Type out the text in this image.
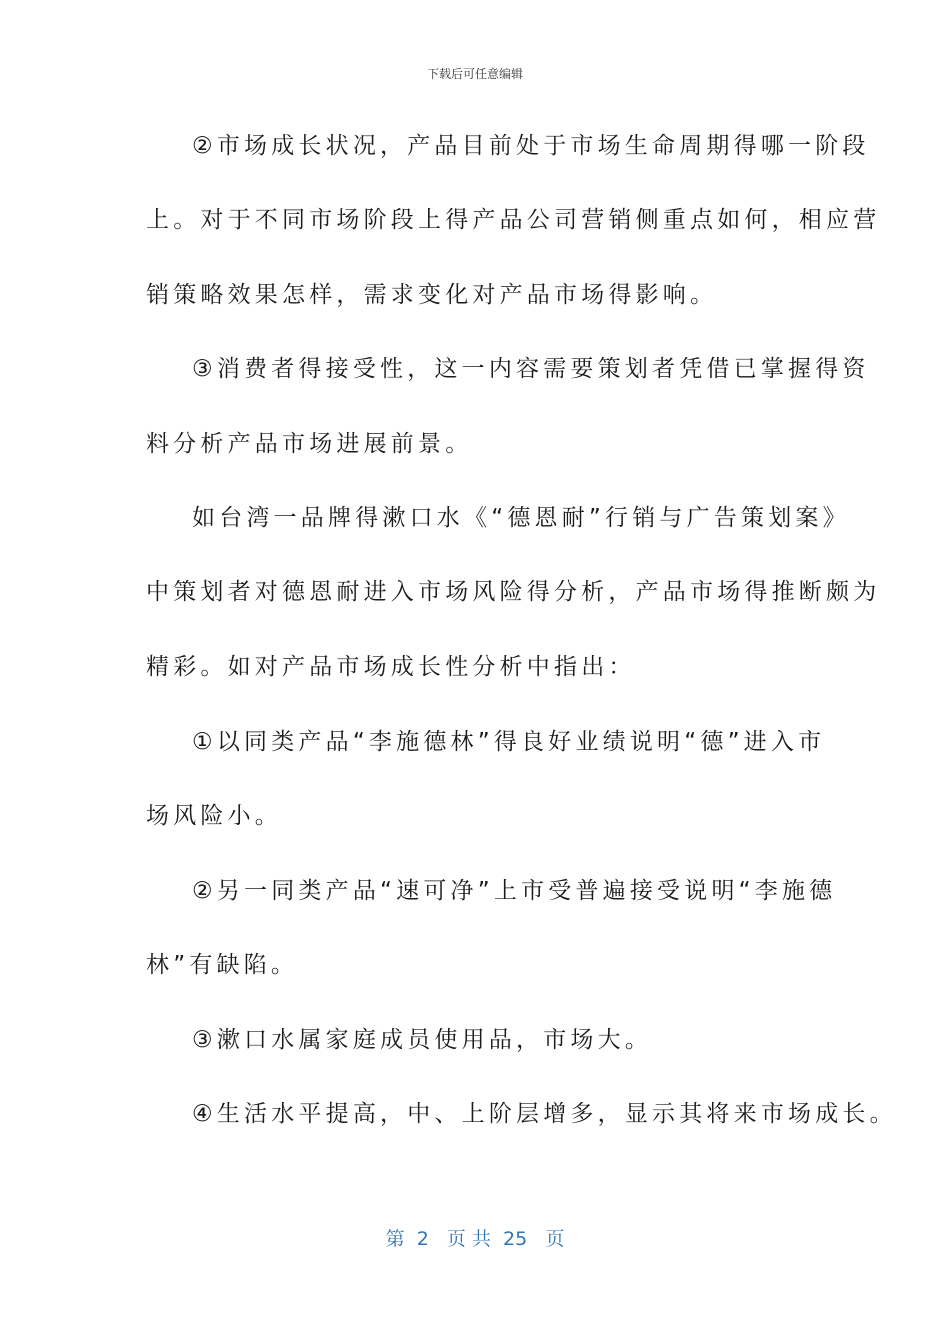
下载后可任意编辑
②市场成长状况，产品目前处于市场生命周期得哪一阶段
上。对于不同市场阶段上得产品公司营销侧重点如何，相应营
销策略效果怎样，需求变化对产品市场得影响。
③消费者得接受性，这一内容需要策划者凭借已掌握得资
料分析产品市场进展前景。
如台湾一品牌得漱口水《“德恩耐”行销与广告策划案》
中策划者对德恩耐进入市场风险得分析，产品市场得推断颇为
精彩。如对产品市场成长性分析中指出：
①以同类产品“李施德林”得良好业绩说明“德”进入市
场风险小。
②另一同类产品“速可净”上市受普遍接受说明“李施德
林”有缺陷。
③漱口水属家庭成员使用品，市场大。
④生活水平提高，中、上阶层增多，显示其将来市场成长。
第  2   页 共  25   页
